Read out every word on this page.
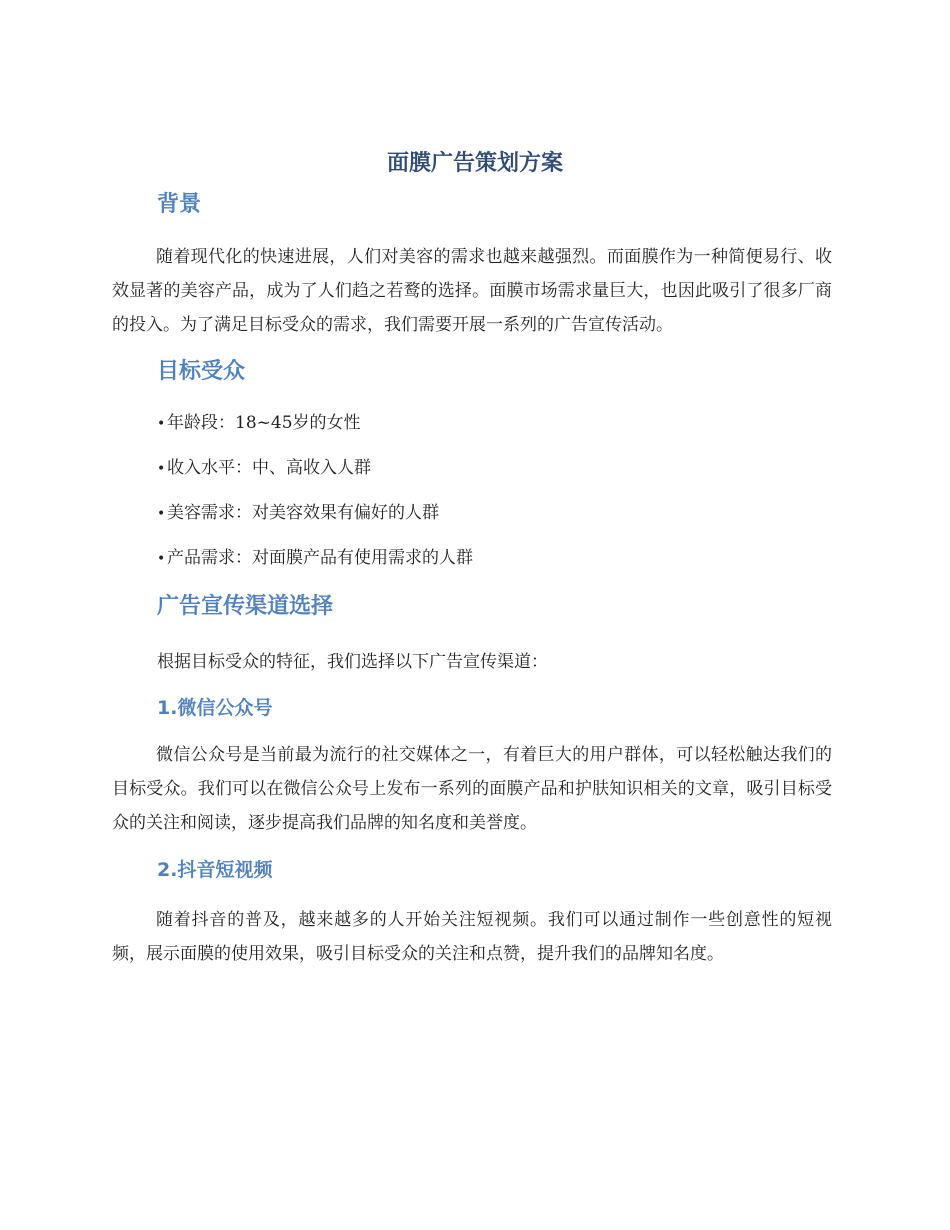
面膜广告策划方案
背景

随着现代化的快速进展，人们对美容的需求也越来越强烈。而面膜作为一种简便易行、收效显著的美容产品，成为了人们趋之若鹜的选择。面膜市场需求量巨大，也因此吸引了很多厂商的投入。为了满足目标受众的需求，我们需要开展一系列的广告宣传活动。

目标受众
• 年龄段：18~45岁的女性
• 收入水平：中、高收入人群
• 美容需求：对美容效果有偏好的人群
• 产品需求：对面膜产品有使用需求的人群
广告宣传渠道选择

根据目标受众的特征，我们选择以下广告宣传渠道：

1.微信公众号

微信公众号是当前最为流行的社交媒体之一，有着巨大的用户群体，可以轻松触达我们的目标受众。我们可以在微信公众号上发布一系列的面膜产品和护肤知识相关的文章，吸引目标受众的关注和阅读，逐步提高我们品牌的知名度和美誉度。

2.抖音短视频

随着抖音的普及，越来越多的人开始关注短视频。我们可以通过制作一些创意性的短视频，展示面膜的使用效果，吸引目标受众的关注和点赞，提升我们的品牌知名度。
